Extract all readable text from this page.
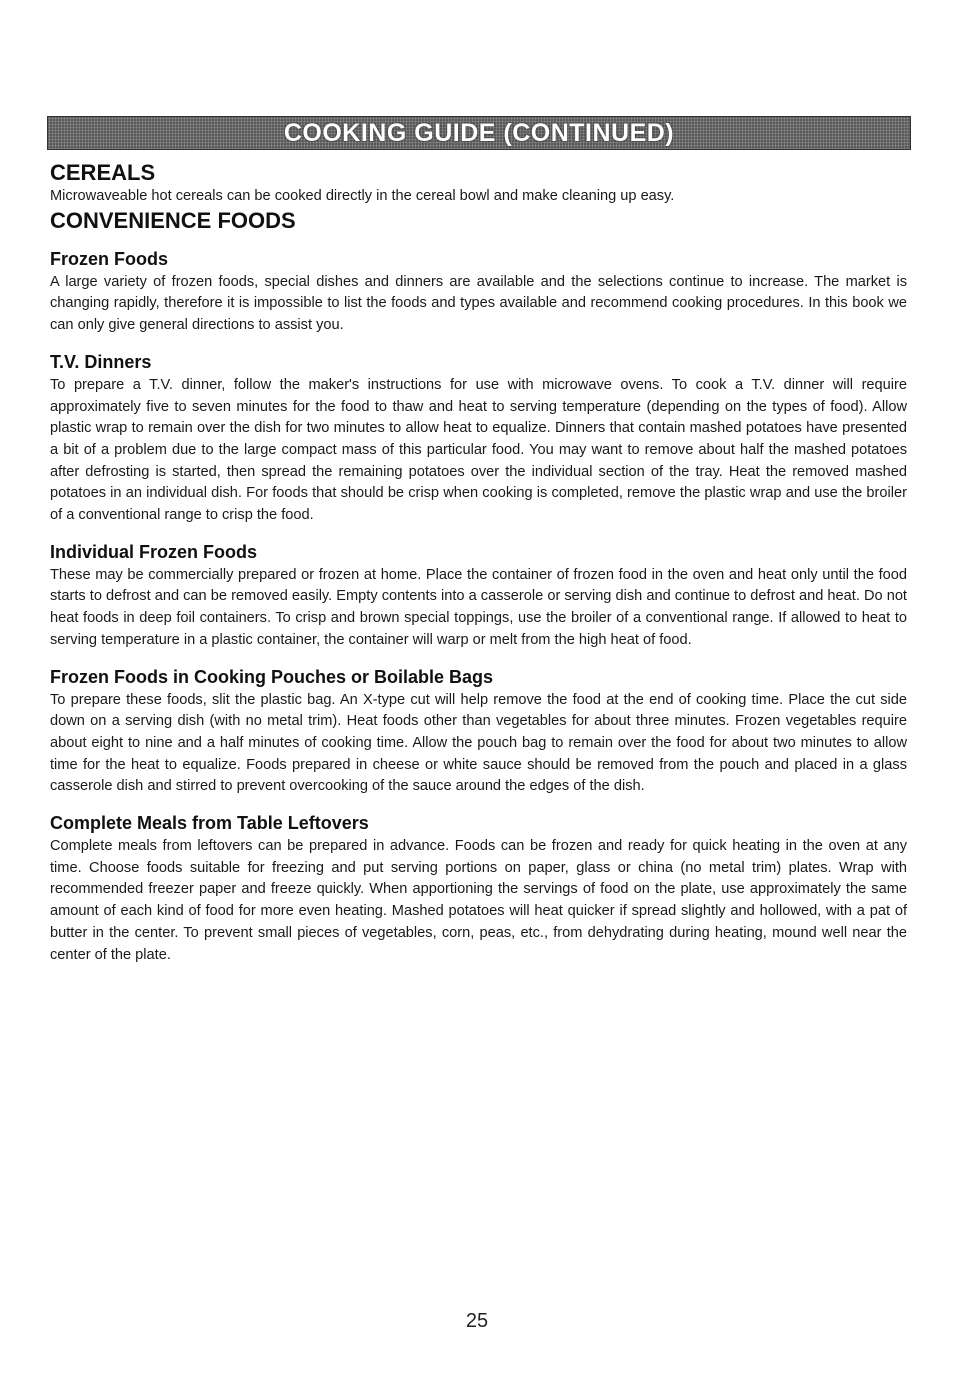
COOKING GUIDE (CONTINUED)
CEREALS

Microwaveable hot cereals can be cooked directly in the cereal bowl and make cleaning up easy.

CONVENIENCE FOODS
Frozen Foods

A large variety of frozen foods, special dishes and dinners are available and the selections continue to increase. The market is changing rapidly, therefore it is impossible to list the foods and types available and recommend cooking procedures. In this book we can only give general directions to assist you.

T.V. Dinners

To prepare a T.V. dinner, follow the maker's instructions for use with microwave ovens. To cook a T.V. dinner will require approximately five to seven minutes for the food to thaw and heat to serving temperature (depending on the types of food). Allow plastic wrap to remain over the dish for two minutes to allow heat to equalize. Dinners that contain mashed potatoes have presented a bit of a problem due to the large compact mass of this particular food. You may want to remove about half the mashed potatoes after defrosting is started, then spread the remaining potatoes over the individual section of the tray. Heat the removed mashed potatoes in an individual dish. For foods that should be crisp when cooking is completed, remove the plastic wrap and use the broiler of a conventional range to crisp the food.

Individual Frozen Foods

These may be commercially prepared or frozen at home. Place the container of frozen food in the oven and heat only until the food starts to defrost and can be removed easily. Empty contents into a casserole or serving dish and continue to defrost and heat. Do not heat foods in deep foil containers. To crisp and brown special toppings, use the broiler of a conventional range. If allowed to heat to serving temperature in a plastic container, the container will warp or melt from the high heat of food.

Frozen Foods in Cooking Pouches or Boilable Bags

To prepare these foods, slit the plastic bag. An X-type cut will help remove the food at the end of cooking time. Place the cut side down on a serving dish (with no metal trim). Heat foods other than vegetables for about three minutes. Frozen vegetables require about eight to nine and a half minutes of cooking time. Allow the pouch bag to remain over the food for about two minutes to allow time for the heat to equalize. Foods prepared in cheese or white sauce should be removed from the pouch and placed in a glass casserole dish and stirred to prevent overcooking of the sauce around the edges of the dish.

Complete Meals from Table Leftovers

Complete meals from leftovers can be prepared in advance. Foods can be frozen and ready for quick heating in the oven at any time. Choose foods suitable for freezing and put serving portions on paper, glass or china (no metal trim) plates. Wrap with recommended freezer paper and freeze quickly. When apportioning the servings of food on the plate, use approximately the same amount of each kind of food for more even heating. Mashed potatoes will heat quicker if spread slightly and hollowed, with a pat of butter in the center. To prevent small pieces of vegetables, corn, peas, etc., from dehydrating during heating, mound well near the center of the plate.

25
